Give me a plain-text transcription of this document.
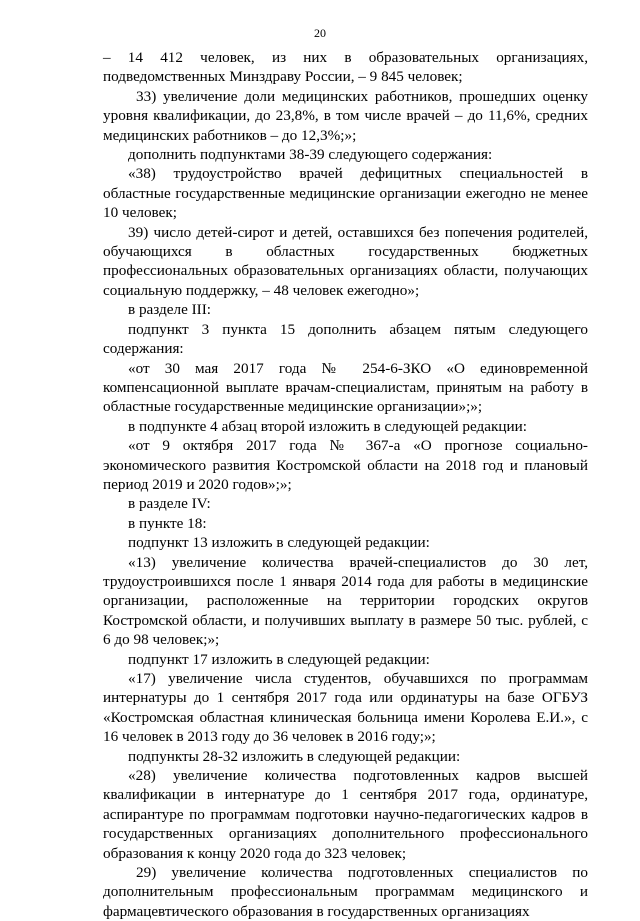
20

– 14 412 человек, из них в образовательных организациях, подведомственных Минздраву России, – 9 845 человек;

33) увеличение доли медицинских работников, прошедших оценку уровня квалификации, до 23,8%, в том числе врачей – до 11,6%, средних медицинских работников – до 12,3%;»;

дополнить подпунктами 38-39 следующего содержания:

«38) трудоустройство врачей дефицитных специальностей в областные государственные медицинские организации ежегодно не менее 10 человек;

39) число детей-сирот и детей, оставшихся без попечения родителей, обучающихся в областных государственных бюджетных профессиональных образовательных организациях области, получающих социальную поддержку, – 48 человек ежегодно»;

в разделе III:

подпункт 3 пункта 15 дополнить абзацем пятым следующего содержания:

«от 30 мая 2017 года № 254-6-ЗКО «О единовременной компенсационной выплате врачам-специалистам, принятым на работу в областные государственные медицинские организации»;»;

в подпункте 4 абзац второй изложить в следующей редакции:

«от 9 октября 2017 года № 367-а «О прогнозе социально-экономического развития Костромской области на 2018 год и плановый период 2019 и 2020 годов»;»;

в разделе IV:

в пункте 18:

подпункт 13 изложить в следующей редакции:

«13) увеличение количества врачей-специалистов до 30 лет, трудоустроившихся после 1 января 2014 года для работы в медицинские организации, расположенные на территории городских округов Костромской области, и получивших выплату в размере 50 тыс. рублей, с 6 до 98 человек;»;

подпункт 17 изложить в следующей редакции:

«17) увеличение числа студентов, обучавшихся по программам интернатуры до 1 сентября 2017 года или ординатуры на базе ОГБУЗ «Костромская областная клиническая больница имени Королева Е.И.», с 16 человек в 2013 году до 36 человек в 2016 году;»;

подпункты 28-32 изложить в следующей редакции:

«28) увеличение количества подготовленных кадров высшей квалификации в интернатуре до 1 сентября 2017 года, ординатуре, аспирантуре по программам подготовки научно-педагогических кадров в государственных организациях дополнительного профессионального образования к концу 2020 года до 323 человек;

29) увеличение количества подготовленных специалистов по дополнительным профессиональным программам медицинского и фармацевтического образования в государственных организациях
